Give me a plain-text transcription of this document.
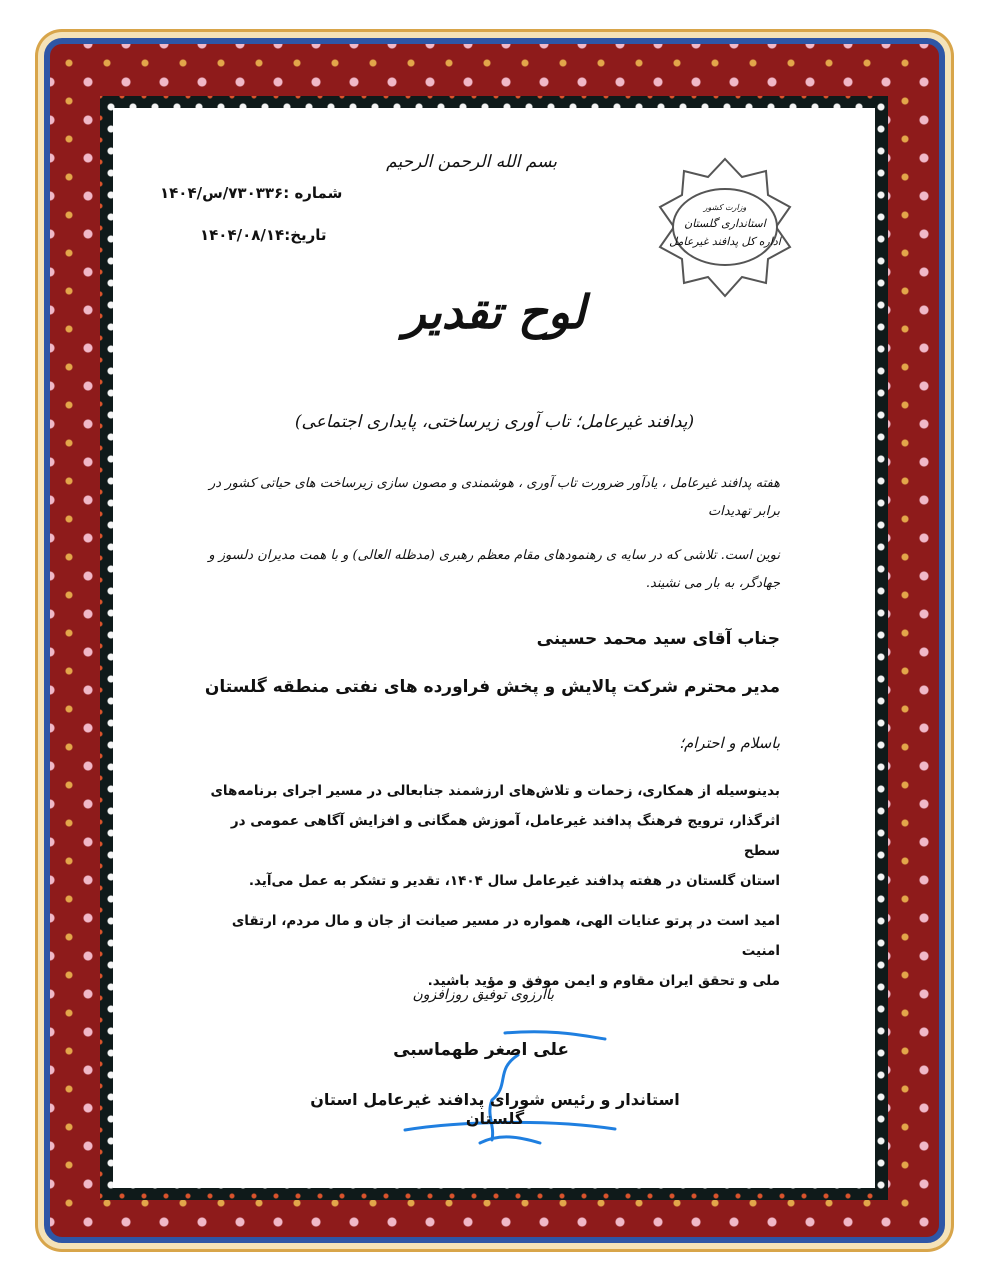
بسم الله الرحمن الرحیم
شماره :۷۳۰۳۳۶/س/۱۴۰۴
تاریخ:۱۴۰۴/۰۸/۱۴
وزارت کشور
استانداری گلستان
اداره کل پدافند غیرعامل
لوح تقدیر
(پدافند غیرعامل؛ تاب آوری زیرساختی، پایداری اجتماعی)
هفته پدافند غیرعامل ، یادآور ضرورت تاب آوری ، هوشمندی و مصون سازی زیرساخت های حیاتی کشور در برابر تهدیدات
نوین است. تلاشی که در سایه ی رهنمودهای مقام معظم رهبری (مدظله العالی) و با همت مدیران دلسوز و جهادگر، به بار می نشیند.
جناب آقای سید محمد حسینی
مدیر محترم شرکت پالایش و پخش فراورده های نفتی منطقه گلستان
باسلام و احترام؛
بدینوسیله از همکاری، زحمات و تلاش‌های ارزشمند جنابعالی در مسیر اجرای برنامه‌های
اثرگذار، ترویج فرهنگ پدافند غیرعامل، آموزش همگانی و افزایش آگاهی عمومی در سطح
استان گلستان در هفته پدافند غیرعامل سال ۱۴۰۴، تقدیر و تشکر به عمل می‌آید.
امید است در پرتو عنایات الهی، همواره در مسیر صیانت از جان و مال مردم، ارتقای امنیت
ملی و تحقق ایران مقاوم و ایمن موفق و مؤید باشید.
باآرزوی توفیق روزافزون
علی اصغر طهماسبی
استاندار و رئیس شورای پدافند غیرعامل استان گلستان
